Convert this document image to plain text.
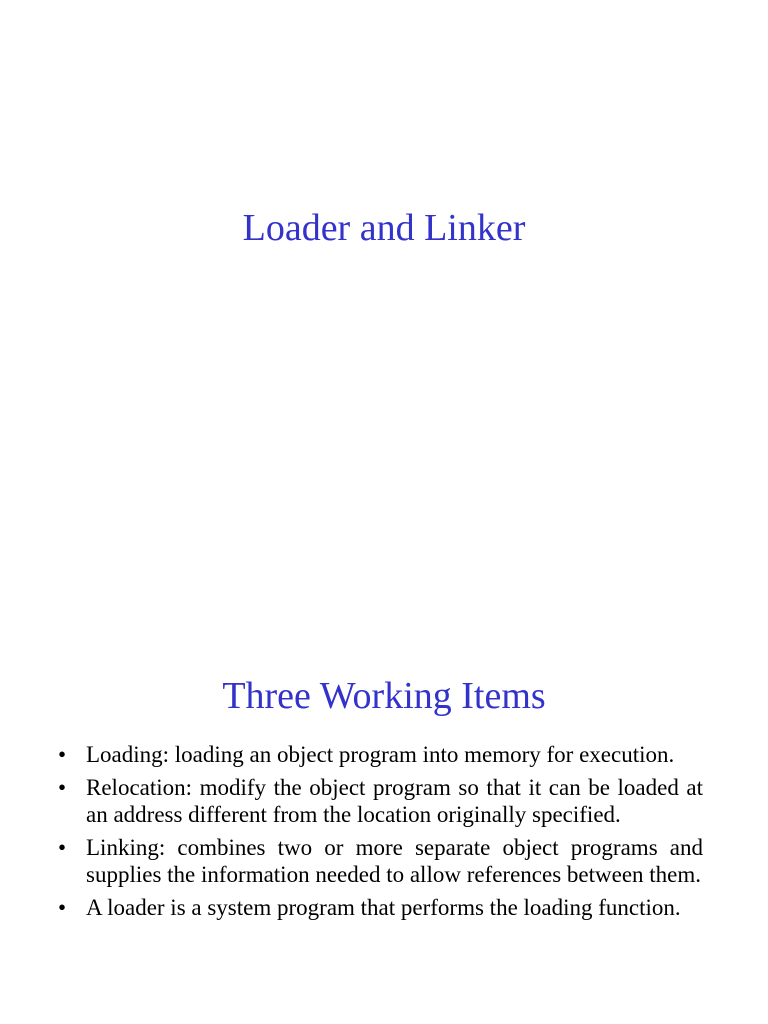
Loader and Linker
Three Working Items
• Loading: loading an object program into memory for execution.
• Relocation: modify the object program so that it can be loaded at an address different from the location originally specified.
• Linking: combines two or more separate object programs and supplies the information needed to allow references between them.
• A loader is a system program that performs the loading function.
